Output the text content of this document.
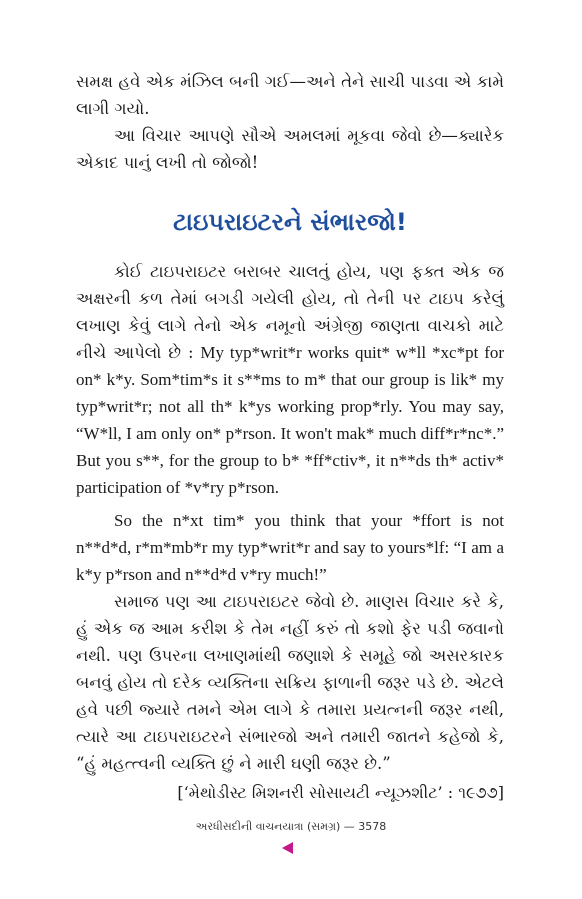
સમક્ષ હવે એક મંઝિલ બની ગઈ—અને તેને સાચી પાડવા એ કામે લાગી ગયો.

આ વિચાર આપણે સૌએ અમલમાં મૂકવા જેવો છે—ક્યારેક એકાદ પાનું લખી તો જોજો!

ટાઇપરાઇટરને સંભારજો!

કોઈ ટાઇપરાઇટર બરાબર ચાલતું હોય, પણ ફક્ત એક જ અક્ષરની કળ તેમાં બગડી ગયેલી હોય, તો તેની પર ટાઇપ કરેલું લખાણ કેવું લાગે તેનો એક નમૂનો અંગ્રેજી જાણતા વાચકો માટે નીચે આપેલો છે : My typ*writ*r works quit* w*ll *xc*pt for on* k*y. Som*tim*s it s**ms to m* that our group is lik* my typ*writ*r; not all th* k*ys working prop*rly. You may say, “W*ll, I am only on* p*rson. It won't mak* much diff*r*nc*.” But you s**, for the group to b* *ff*ctiv*, it n**ds th* activ* participation of *v*ry p*rson.

So the n*xt tim* you think that your *ffort is not n**d*d, r*m*mb*r my typ*writ*r and say to yours*lf: “I am a k*y p*rson and n**d*d v*ry much!”

સમાજ પણ આ ટાઇપરાઇટર જેવો છે. માણસ વિચાર કરે કે, હું એક જ આમ કરીશ કે તેમ નહીં કરું તો કશો ફેર પડી જવાનો નથી. પણ ઉપરના લખાણમાંથી જણાશે કે સમૂહે જો અસરકારક બનવું હોય તો દરેક વ્યક્તિના સક્રિય ફાળાની જરૂર પડે છે. એટલે હવે પછી જ્યારે તમને એમ લાગે કે તમારા પ્રયત્નની જરૂર નથી, ત્યારે આ ટાઇપરાઇટરને સંભારજો અને તમારી જાતને કહેજો કે, “હું મહત્ત્વની વ્યક્તિ છું ને મારી ઘણી જરૂર છે.”

[‘મેથોડીસ્ટ મિશનરી સોસાયટી ન્યૂઝશીટ’ : ૧૯૭૭]
અરધીસદીની વાચનયાત્રા (સમગ્ર) — 3578
